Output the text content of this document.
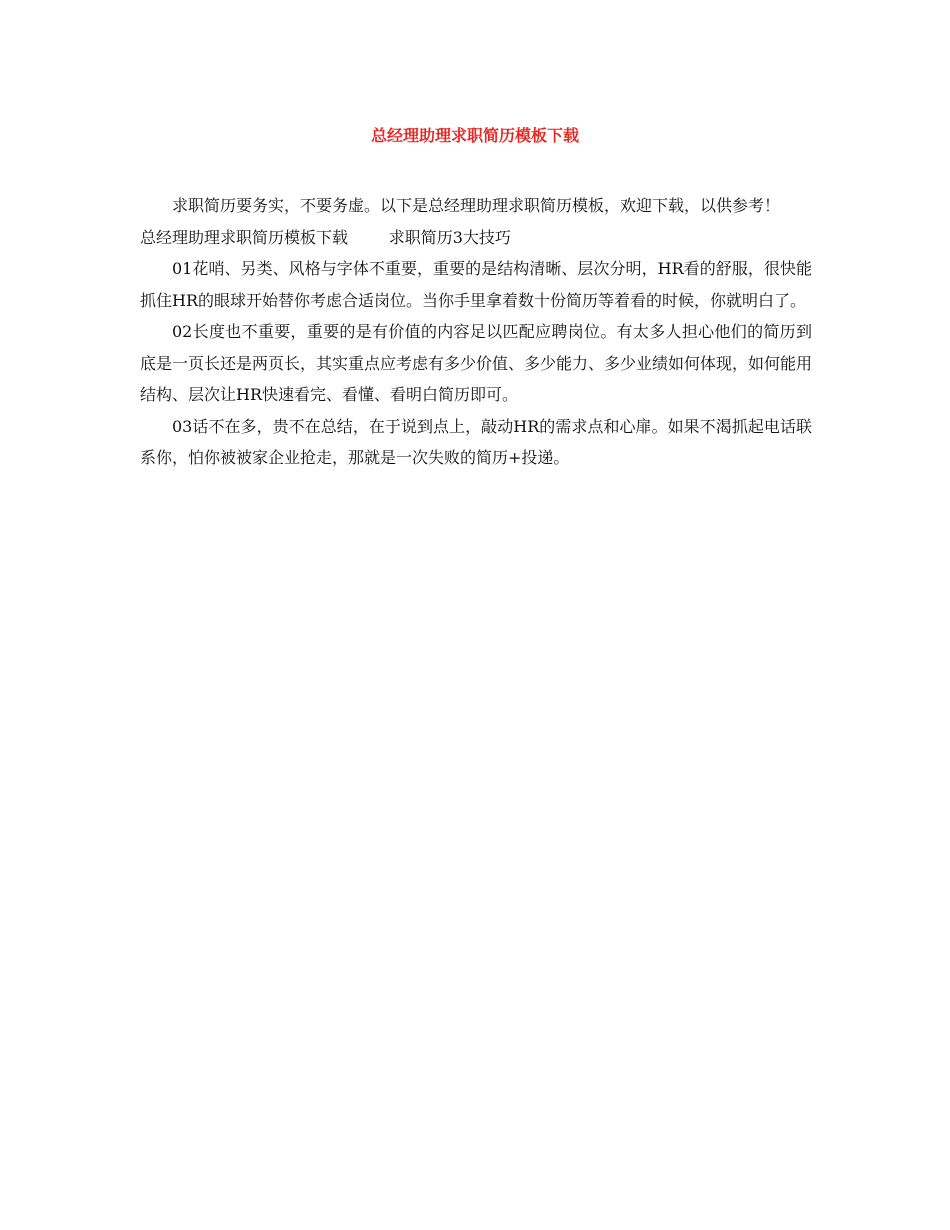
总经理助理求职简历模板下载

求职简历要务实，不要务虚。以下是总经理助理求职简历模板，欢迎下载，以供参考！

总经理助理求职简历模板下载	求职简历3大技巧

01花哨、另类、风格与字体不重要，重要的是结构清晰、层次分明，HR看的舒服，很快能抓住HR的眼球开始替你考虑合适岗位。当你手里拿着数十份简历等着看的时候，你就明白了。

02长度也不重要，重要的是有价值的内容足以匹配应聘岗位。有太多人担心他们的简历到底是一页长还是两页长，其实重点应考虑有多少价值、多少能力、多少业绩如何体现，如何能用结构、层次让HR快速看完、看懂、看明白简历即可。

03话不在多，贵不在总结，在于说到点上，敲动HR的需求点和心扉。如果不渴抓起电话联系你，怕你被被家企业抢走，那就是一次失败的简历+投递。
